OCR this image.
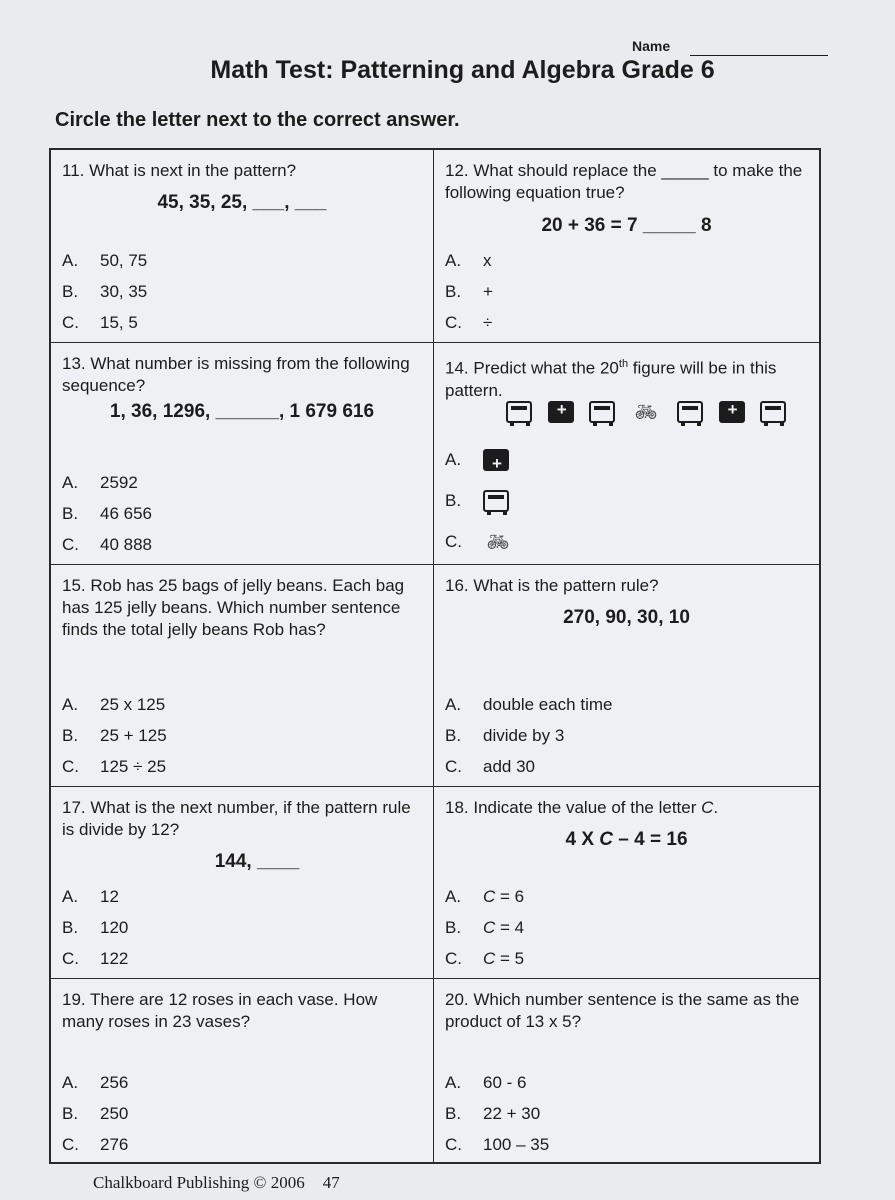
Name
Math Test: Patterning and Algebra Grade 6
Circle the letter next to the correct answer.
11. What is next in the pattern?
45, 35, 25, ___, ___
A.	50, 75
B.	30, 35
C.	15, 5
12. What should replace the _____ to make the following equation true?
20 + 36 = 7 _____ 8
A.	x
B.	+
C.	÷
13. What number is missing from the following sequence?
1, 36, 1296, ______, 1 679 616
A.	2592
B.	46 656
C.	40 888
14. Predict what the 20th figure will be in this pattern.
+  🚲︎  +
A.
+
B.
C.	🚲︎
15. Rob has 25 bags of jelly beans. Each bag has 125 jelly beans. Which number sentence finds the total jelly beans Rob has?
A.	25 x 125
B.	25 + 125
C.	125 ÷ 25
16. What is the pattern rule?
270, 90, 30, 10
A.	double each time
B.	divide by 3
C.	add 30
17. What is the next number, if the pattern rule is divide by 12?
144, ____
A.	12
B.	120
C.	122
18. Indicate the value of the letter C.
4 X C – 4 = 16
A.	C
= 6
B.	C
= 4
C.	C
= 5
19. There are 12 roses in each vase. How many roses in 23 vases?
A.	256
B.	250
C.	276
20. Which number sentence is the same as the product of 13 x 5?
A.	60 - 6
B.	22 + 30
C.	100 – 35
Chalkboard Publishing © 2006 47
